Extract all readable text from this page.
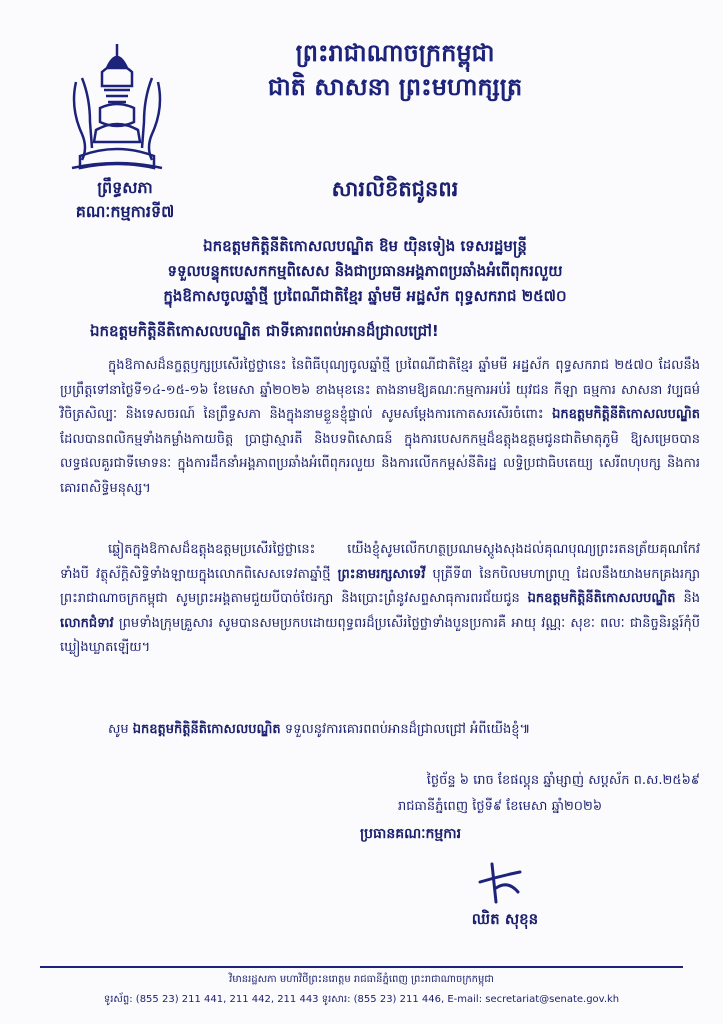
ព្រះរាជាណាចក្រកម្ពុជា
ជាតិ សាសនា ព្រះមហាក្សត្រ
ព្រឹទ្ធសភា
គណៈកម្មការទី៧
សារលិខិតជូនពរ
ឯកឧត្តមកិត្តិនីតិកោសលបណ្ឌិត ឱម យ៉ិនទៀង ទេសរដ្ឋមន្ត្រី
ទទួលបន្ទុកបេសកកម្មពិសេស និងជាប្រធានអង្គភាពប្រឆាំងអំពើពុករលួយ
ក្នុងឱកាសចូលឆ្នាំថ្មី ប្រពៃណីជាតិខ្មែរ ឆ្នាំមមី អដ្ឋស័ក ពុទ្ធសករាជ ២៥៧០
ឯកឧត្តមកិត្តិនីតិកោសលបណ្ឌិត ជាទីគោរពពប់អានដ៏ជ្រាលជ្រៅ!
ក្នុងឱកាសដ៏នក្ខត្តឫក្សប្រសើរថ្លៃថ្លានេះ នៃពិធីបុណ្យចូលឆ្នាំថ្មី ប្រពៃណីជាតិខ្មែរ ឆ្នាំមមី អដ្ឋស័ក ពុទ្ធសករាជ ២៥៧០ ដែលនឹងប្រព្រឹត្តទៅនាថ្ងៃទី១៤-១៥-១៦ ខែមេសា ឆ្នាំ២០២៦ ខាងមុខនេះ តាងនាមឱ្យគណៈកម្មការអប់រំ យុវជន កីឡា ធម្មការ សាសនា វប្បធម៌ វិចិត្រសិល្បៈ និងទេសចរណ៍ នៃព្រឹទ្ធសភា និងក្នុងនាមខ្លួនខ្ញុំផ្ទាល់ សូមសម្តែងការកោតសរសើរចំពោះ ឯកឧត្តមកិត្តិនីតិកោសលបណ្ឌិត ដែលបានពលិកម្មទាំងកម្លាំងកាយចិត្ត ប្រាជ្ញាស្មារតី និងបទពិសោធន៍ ក្នុងការបេសកកម្មដ៏ឧត្តុងឧត្តមជូនជាតិមាតុភូមិ ឱ្យសម្រេចបានលទ្ធផលគួរជាទីមោទនៈ ក្នុងការដឹកនាំអង្គភាពប្រឆាំងអំពើពុករលួយ និងការលើកកម្ពស់នីតិរដ្ឋ លទ្ធិប្រជាធិបតេយ្យ សេរីពហុបក្ស និងការគោរពសិទ្ធិមនុស្ស។
ឆ្លៀតក្នុងឱកាសដ៏ឧត្តុងឧត្តមប្រសើរថ្លៃថ្លានេះ យើងខ្ញុំសូមលើកហត្ថប្រណមស្តូងសុងដល់គុណបុណ្យព្រះរតនត្រ័យគុណកែវទាំងបី វត្ថុស័ក្តិសិទ្ធិទាំងឡាយក្នុងលោកពិសេសទេវតាឆ្នាំថ្មី ព្រះនាមរក្សសាទេវី បុត្រីទី៣ នៃកបិលមហាព្រហ្ម ដែលនឹងយាងមកគ្រងរក្សាព្រះរាជាណាចក្រកម្ពុជា សូមព្រះអង្គតាមជួយបីបាច់ថែរក្សា និងប្រោះព្រំនូវសព្ទសាធុការពរជ័យជូន ឯកឧត្តមកិត្តិនីតិកោសលបណ្ឌិត និង លោកជំទាវ ព្រមទាំងក្រុមគ្រួសារ សូមបានសមប្រកបដោយពុទ្ធពរដ៏ប្រសើរថ្លៃថ្លាទាំងបួនប្រការគឺ អាយុ វណ្ណៈ សុខៈ ពលៈ ជានិច្ចនិរន្តរ៍កុំបីឃ្លៀងឃ្លាតឡើយ។
សូម ឯកឧត្តមកិត្តិនីតិកោសលបណ្ឌិត ទទួលនូវការគោរពពប់អានដ៏ជ្រាលជ្រៅ អំពីយើងខ្ញុំ៕
ថ្ងៃច័ន្ទ ៦ រោច ខែផល្គុន ឆ្នាំម្សាញ់ សប្តស័ក ព.ស.២៥៦៩
រាជធានីភ្នំពេញ ថ្ងៃទី៩ ខែមេសា ឆ្នាំ២០២៦
ប្រធានគណៈកម្មការ
ឈិត សុខុន
វិមានរដ្ឋសភា មហាវិថីព្រះនរោត្តម រាជធានីភ្នំពេញ ព្រះរាជាណាចក្រកម្ពុជា
ទូរស័ព្ទ: (855 23) 211 441, 211 442, 211 443 ទូរសារ: (855 23) 211 446, E-mail: secretariat@senate.gov.kh
